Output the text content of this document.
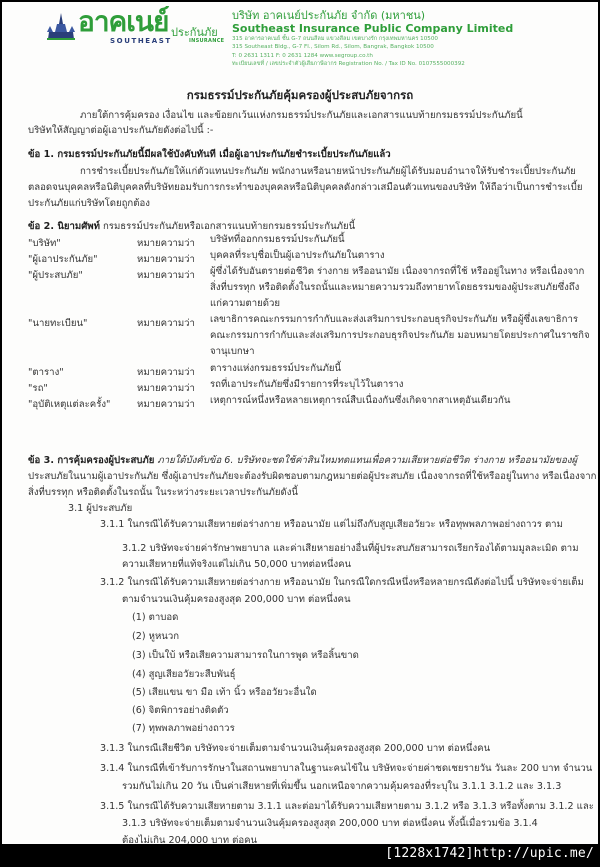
อาคเนย์ ประกันภัย
SOUTHEAST	INSURANCE
บริษัท อาคเนย์ประกันภัย จำกัด (มหาชน)
Southeast Insurance Public Company Limited
315 อาคารอาคเนย์ ชั้น G-7 ถนนสีลม แขวงสีลม เขตบางรัก กรุงเทพมหานคร 10500
315 Southeast Bldg., G-7 Fl., Silom Rd., Silom, Bangrak, Bangkok 10500
T: 0 2631 1311 F: 0 2631 1284 www.segroup.co.th
ทะเบียนเลขที่ / เลขประจำตัวผู้เสียภาษีอากร Registration No. / Tax ID No. 0107555000392
กรมธรรม์ประกันภัยคุ้มครองผู้ประสบภัยจากรถ
ภายใต้การคุ้มครอง เงื่อนไข และข้อยกเว้นแห่งกรมธรรม์ประกันภัยและเอกสารแนบท้ายกรมธรรม์ประกันภัยนี้
บริษัทให้สัญญาต่อผู้เอาประกันภัยดังต่อไปนี้ :-
ข้อ 1. กรมธรรม์ประกันภัยนี้มีผลใช้บังคับทันที เมื่อผู้เอาประกันภัยชำระเบี้ยประกันภัยแล้ว
การชำระเบี้ยประกันภัยให้แก่ตัวแทนประกันภัย พนักงานหรือนายหน้าประกันภัยผู้ได้รับมอบอำนาจให้รับชำระเบี้ยประกันภัย
ตลอดจนบุคคลหรือนิติบุคคลที่บริษัทยอมรับการกระทำของบุคคลหรือนิติบุคคลดังกล่าวเสมือนตัวแทนของบริษัท ให้ถือว่าเป็นการชำระเบี้ย
ประกันภัยแก่บริษัทโดยถูกต้อง
ข้อ 2. นิยามศัพท์ กรมธรรม์ประกันภัยหรือเอกสารแนบท้ายกรมธรรม์ประกันภัยนี้
"บริษัท"	หมายความว่า บริษัทที่ออกกรมธรรม์ประกันภัยนี้
"ผู้เอาประกันภัย"	หมายความว่า บุคคลที่ระบุชื่อเป็นผู้เอาประกันภัยในตาราง
"ผู้ประสบภัย"	หมายความว่า ผู้ซึ่งได้รับอันตรายต่อชีวิต ร่างกาย หรืออนามัย เนื่องจากรถที่ใช้ หรืออยู่ในทาง หรือเนื่องจาก
สิ่งที่บรรทุก หรือติดตั้งในรถนั้นและหมายความรวมถึงทายาทโดยธรรมของผู้ประสบภัยซึ่งถึง
แก่ความตายด้วย
"นายทะเบียน"	หมายความว่า เลขาธิการคณะกรรมการกำกับและส่งเสริมการประกอบธุรกิจประกันภัย หรือผู้ซึ่งเลขาธิการ
คณะกรรมการกำกับและส่งเสริมการประกอบธุรกิจประกันภัย มอบหมายโดยประกาศในราชกิจ
จานุเบกษา
"ตาราง"	หมายความว่า ตารางแห่งกรมธรรม์ประกันภัยนี้
"รถ"	หมายความว่า รถที่เอาประกันภัยซึ่งมีรายการที่ระบุไว้ในตาราง
"อุบัติเหตุแต่ละครั้ง"	หมายความว่า เหตุการณ์หนึ่งหรือหลายเหตุการณ์สืบเนื่องกันซึ่งเกิดจากสาเหตุอันเดียวกัน
ข้อ 3. การคุ้มครองผู้ประสบภัย ภายใต้บังคับข้อ 6. บริษัทจะชดใช้ค่าสินไหมทดแทนเพื่อความเสียหายต่อชีวิต ร่างกาย หรืออนามัยของผู้
ประสบภัยในนามผู้เอาประกันภัย ซึ่งผู้เอาประกันภัยจะต้องรับผิดชอบตามกฎหมายต่อผู้ประสบภัย เนื่องจากรถที่ใช้หรืออยู่ในทาง หรือเนื่องจาก
สิ่งที่บรรทุก หรือติดตั้งในรถนั้น ในระหว่างระยะเวลาประกันภัยดังนี้
3.1 ผู้ประสบภัย
3.1.1 ในกรณีได้รับความเสียหายต่อร่างกาย หรืออนามัย แต่ไม่ถึงกับสูญเสียอวัยวะ หรือทุพพลภาพอย่างถาวร ตาม
3.1.2 บริษัทจะจ่ายค่ารักษาพยาบาล และค่าเสียหายอย่างอื่นที่ผู้ประสบภัยสามารถเรียกร้องได้ตามมูลละเมิด ตาม
ความเสียหายที่แท้จริงแต่ไม่เกิน 50,000 บาทต่อหนึ่งคน
3.1.2 ในกรณีได้รับความเสียหายต่อร่างกาย หรืออนามัย ในกรณีใดกรณีหนึ่งหรือหลายกรณีดังต่อไปนี้ บริษัทจะจ่ายเต็ม
ตามจำนวนเงินคุ้มครองสูงสุด 200,000 บาท ต่อหนึ่งคน
(1) ตาบอด
(2) หูหนวก
(3) เป็นใบ้ หรือเสียความสามารถในการพูด หรือลิ้นขาด
(4) สูญเสียอวัยวะสืบพันธุ์
(5) เสียแขน ขา มือ เท้า นิ้ว หรืออวัยวะอื่นใด
(6) จิตพิการอย่างติดตัว
(7) ทุพพลภาพอย่างถาวร
3.1.3 ในกรณีเสียชีวิต บริษัทจะจ่ายเต็มตามจำนวนเงินคุ้มครองสูงสุด 200,000 บาท ต่อหนึ่งคน
3.1.4 ในกรณีที่เข้ารับการรักษาในสถานพยาบาลในฐานะคนไข้ใน บริษัทจะจ่ายค่าชดเชยรายวัน วันละ 200 บาท จำนวน
รวมกันไม่เกิน 20 วัน เป็นค่าเสียหายที่เพิ่มขึ้น นอกเหนือจากความคุ้มครองที่ระบุใน 3.1.1 3.1.2 และ 3.1.3
3.1.5 ในกรณีได้รับความเสียหายตาม 3.1.1 และต่อมาได้รับความเสียหายตาม 3.1.2 หรือ 3.1.3 หรือทั้งตาม 3.1.2 และ
3.1.3 บริษัทจะจ่ายเต็มตามจำนวนเงินคุ้มครองสูงสุด 200,000 บาท ต่อหนึ่งคน ทั้งนี้เมื่อรวมข้อ 3.1.4
ต้องไม่เกิน 204,000 บาท ต่อคน
[1228x1742]http://upic.me/
